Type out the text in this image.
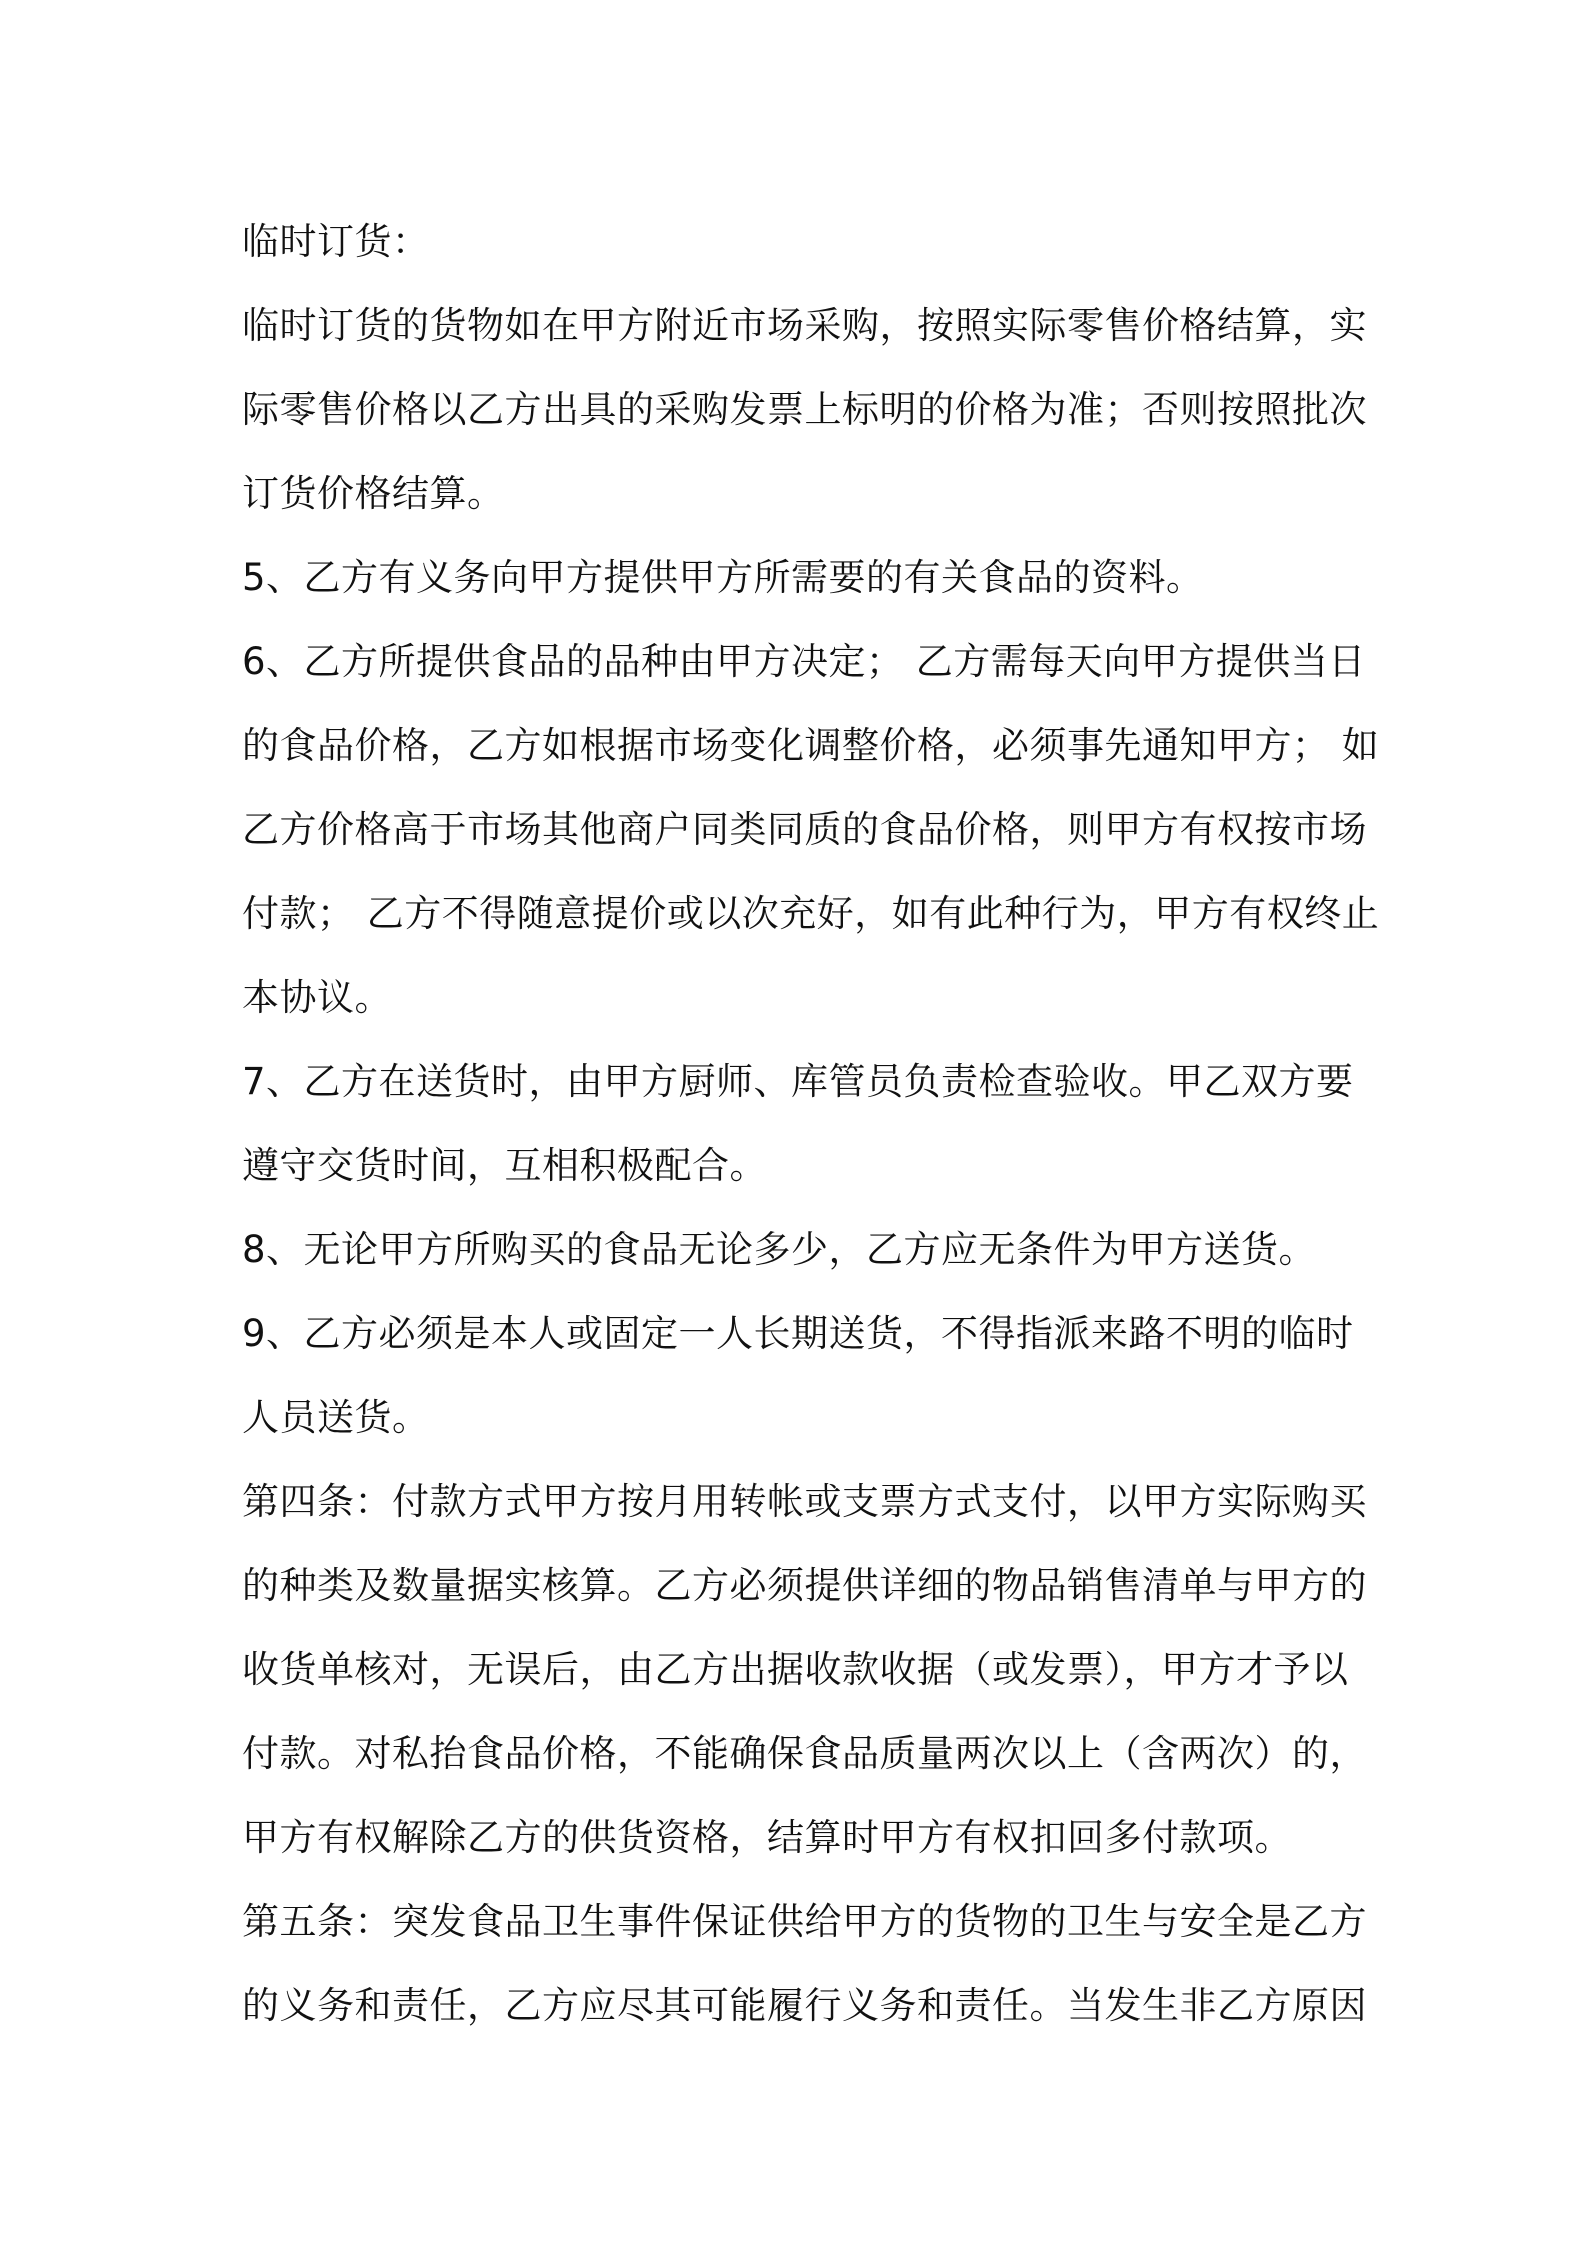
临时订货：
临时订货的货物如在甲方附近市场采购，按照实际零售价格结算，实
际零售价格以乙方出具的采购发票上标明的价格为准；否则按照批次
订货价格结算。
5、乙方有义务向甲方提供甲方所需要的有关食品的资料。
6、乙方所提供食品的品种由甲方决定； 乙方需每天向甲方提供当日
的食品价格，乙方如根据市场变化调整价格，必须事先通知甲方； 如
乙方价格高于市场其他商户同类同质的食品价格，则甲方有权按市场
付款； 乙方不得随意提价或以次充好，如有此种行为，甲方有权终止
本协议。
7、乙方在送货时，由甲方厨师、库管员负责检查验收。甲乙双方要
遵守交货时间，互相积极配合。
8、无论甲方所购买的食品无论多少，乙方应无条件为甲方送货。
9、乙方必须是本人或固定一人长期送货，不得指派来路不明的临时
人员送货。
第四条：付款方式甲方按月用转帐或支票方式支付，以甲方实际购买
的种类及数量据实核算。乙方必须提供详细的物品销售清单与甲方的
收货单核对，无误后，由乙方出据收款收据（或发票），甲方才予以
付款。对私抬食品价格，不能确保食品质量两次以上（含两次）的，
甲方有权解除乙方的供货资格，结算时甲方有权扣回多付款项。
第五条：突发食品卫生事件保证供给甲方的货物的卫生与安全是乙方
的义务和责任，乙方应尽其可能履行义务和责任。当发生非乙方原因
